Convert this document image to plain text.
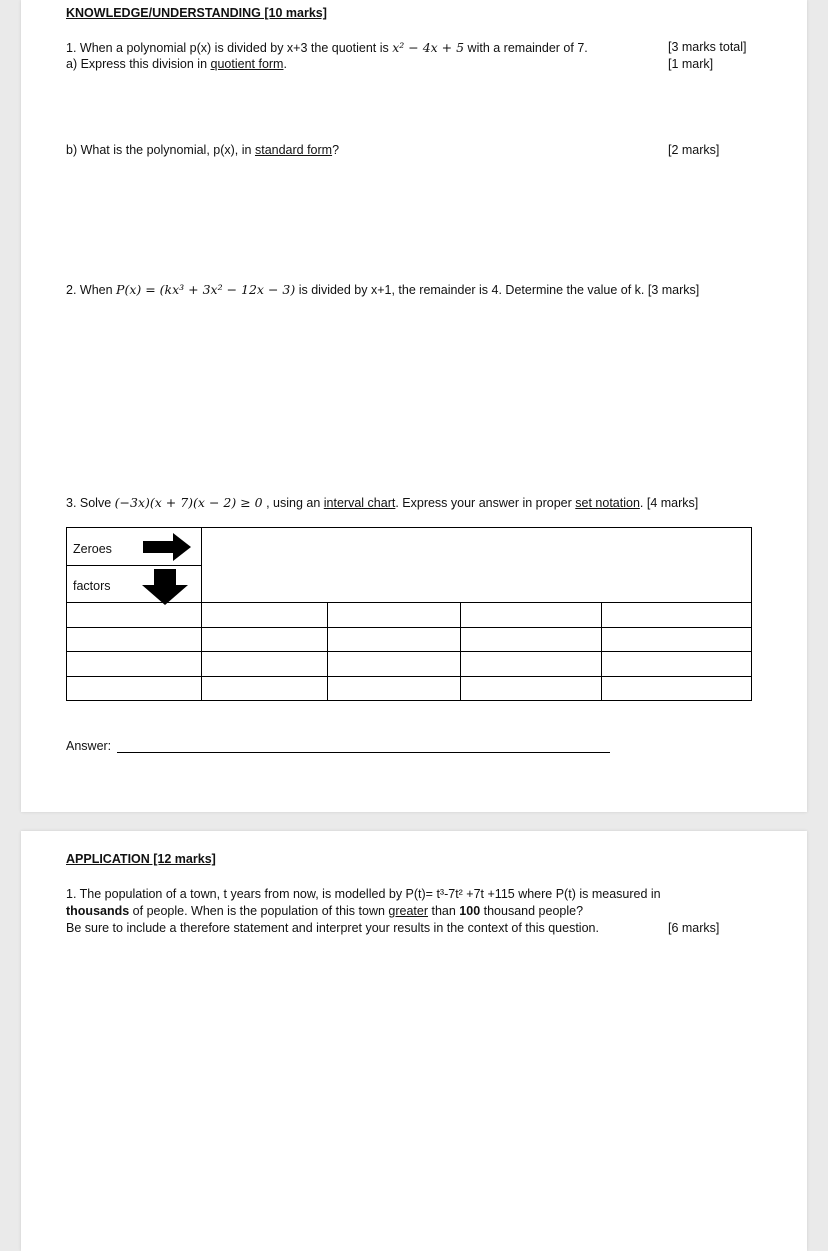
KNOWLEDGE/UNDERSTANDING [10 marks]
1. When a polynomial p(x) is divided by x+3 the quotient is x² − 4x + 5 with a remainder of 7.	[3 marks total]
a) Express this division in quotient form.	[1 mark]
b) What is the polynomial, p(x), in standard form?	[2 marks]
2. When P(x) = (kx³ + 3x² − 12x − 3) is divided by x+1, the remainder is 4. Determine the value of k. [3 marks]
3. Solve (−3x)(x + 7)(x − 2) ≥ 0 , using an interval chart. Express your answer in proper set notation. [4 marks]
Zeroes
factors
Answer:
APPLICATION [12 marks]
1. The population of a town, t years from now, is modelled by P(t)= t³-7t² +7t +115 where P(t) is measured in
thousands of people. When is the population of this town greater than 100 thousand people?
Be sure to include a therefore statement and interpret your results in the context of this question.	[6 marks]
